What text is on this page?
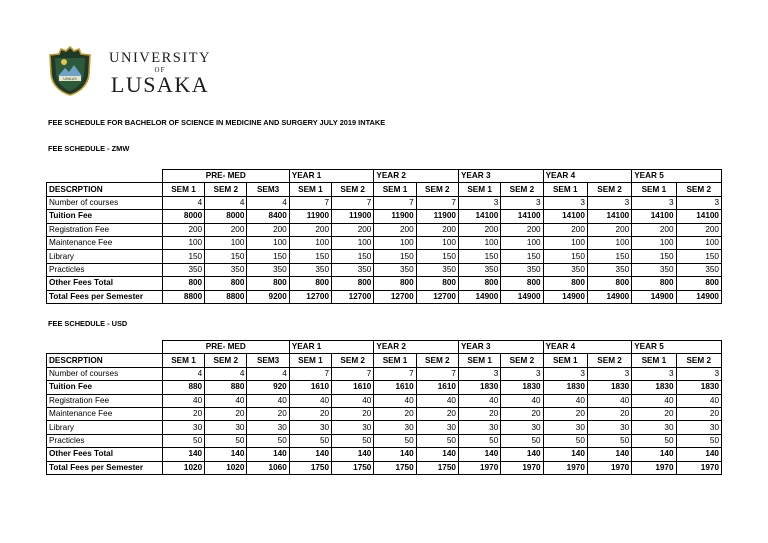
UNILUS
UNIVERSITY
OF
LUSAKA
FEE SCHEDULE FOR BACHELOR OF SCIENCE IN MEDICINE AND SURGERY JULY 2019 INTAKE
FEE SCHEDULE - ZMW
FEE SCHEDULE - USD
	PRE- MED			YEAR 1		YEAR 2		YEAR 3		YEAR 4		YEAR 5	
DESCRPTION	SEM 1	SEM 2	SEM3	SEM 1	SEM 2	SEM 1	SEM 2	SEM 1	SEM 2	SEM 1	SEM 2	SEM 1	SEM 2
Number of courses	4	4	4	7	7	7	7	3	3	3	3	3	3
Tuition Fee	8000	8000	8400	11900	11900	11900	11900	14100	14100	14100	14100	14100	14100
Registration Fee	200	200	200	200	200	200	200	200	200	200	200	200	200
Maintenance Fee	100	100	100	100	100	100	100	100	100	100	100	100	100
Library	150	150	150	150	150	150	150	150	150	150	150	150	150
Practicles	350	350	350	350	350	350	350	350	350	350	350	350	350
Other Fees Total	800	800	800	800	800	800	800	800	800	800	800	800	800
Total Fees per Semester	8800	8800	9200	12700	12700	12700	12700	14900	14900	14900	14900	14900	14900
	PRE- MED			YEAR 1		YEAR 2		YEAR 3		YEAR 4		YEAR 5	
DESCRPTION	SEM 1	SEM 2	SEM3	SEM 1	SEM 2	SEM 1	SEM 2	SEM 1	SEM 2	SEM 1	SEM 2	SEM 1	SEM 2
Number of courses	4	4	4	7	7	7	7	3	3	3	3	3	3
Tuition Fee	880	880	920	1610	1610	1610	1610	1830	1830	1830	1830	1830	1830
Registration Fee	40	40	40	40	40	40	40	40	40	40	40	40	40
Maintenance Fee	20	20	20	20	20	20	20	20	20	20	20	20	20
Library	30	30	30	30	30	30	30	30	30	30	30	30	30
Practicles	50	50	50	50	50	50	50	50	50	50	50	50	50
Other Fees Total	140	140	140	140	140	140	140	140	140	140	140	140	140
Total Fees per Semester	1020	1020	1060	1750	1750	1750	1750	1970	1970	1970	1970	1970	1970
